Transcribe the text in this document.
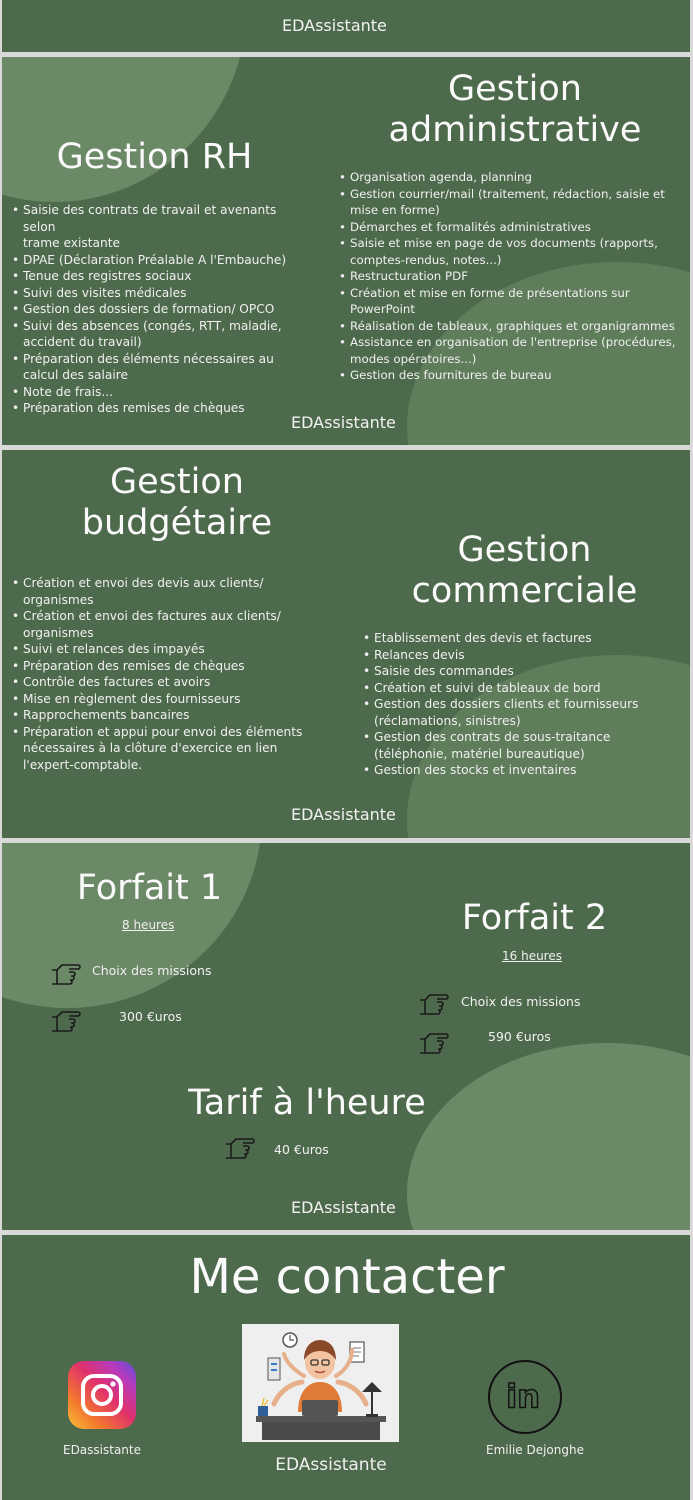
EDAssistante
Gestion RH
• Saisie des contrats de travail et avenants selon
trame existante
• DPAE (Déclaration Préalable A l'Embauche)
• Tenue des registres sociaux
• Suivi des visites médicales
• Gestion des dossiers de formation/ OPCO
• Suivi des absences (congés, RTT, maladie, accident du travail)
• Préparation des éléments nécessaires au calcul des salaire
• Note de frais...
• Préparation des remises de chèques
Gestion
administrative
• Organisation agenda, planning
• Gestion courrier/mail (traitement, rédaction, saisie et mise en forme)
• Démarches et formalités administratives
• Saisie et mise en page de vos documents (rapports, comptes-rendus, notes...)
• Restructuration PDF
• Création et mise en forme de présentations sur PowerPoint
• Réalisation de tableaux, graphiques et organigrammes
• Assistance en organisation de l'entreprise (procédures, modes opératoires...)
• Gestion des fournitures de bureau
EDAssistante
Gestion
budgétaire
• Création et envoi des devis aux clients/ organismes
• Création et envoi des factures aux clients/ organismes
• Suivi et relances des impayés
• Préparation des remises de chèques
• Contrôle des factures et avoirs
• Mise en règlement des fournisseurs
• Rapprochements bancaires
• Préparation et appui pour envoi des éléments nécessaires à la clôture d'exercice en lien l'expert-comptable.
Gestion
commerciale
• Etablissement des devis et factures
• Relances devis
• Saisie des commandes
• Création et suivi de tableaux de bord
• Gestion des dossiers clients et fournisseurs (réclamations, sinistres)
• Gestion des contrats de sous-traitance (téléphonie, matériel bureautique)
• Gestion des stocks et inventaires
EDAssistante
Forfait 1
8 heures
Choix des missions
300 €uros
Forfait 2
16 heures
Choix des missions
590 €uros
Tarif à l'heure
40 €uros
EDAssistante
Me contacter
EDassistante
EDAssistante
in
Emilie Dejonghe
